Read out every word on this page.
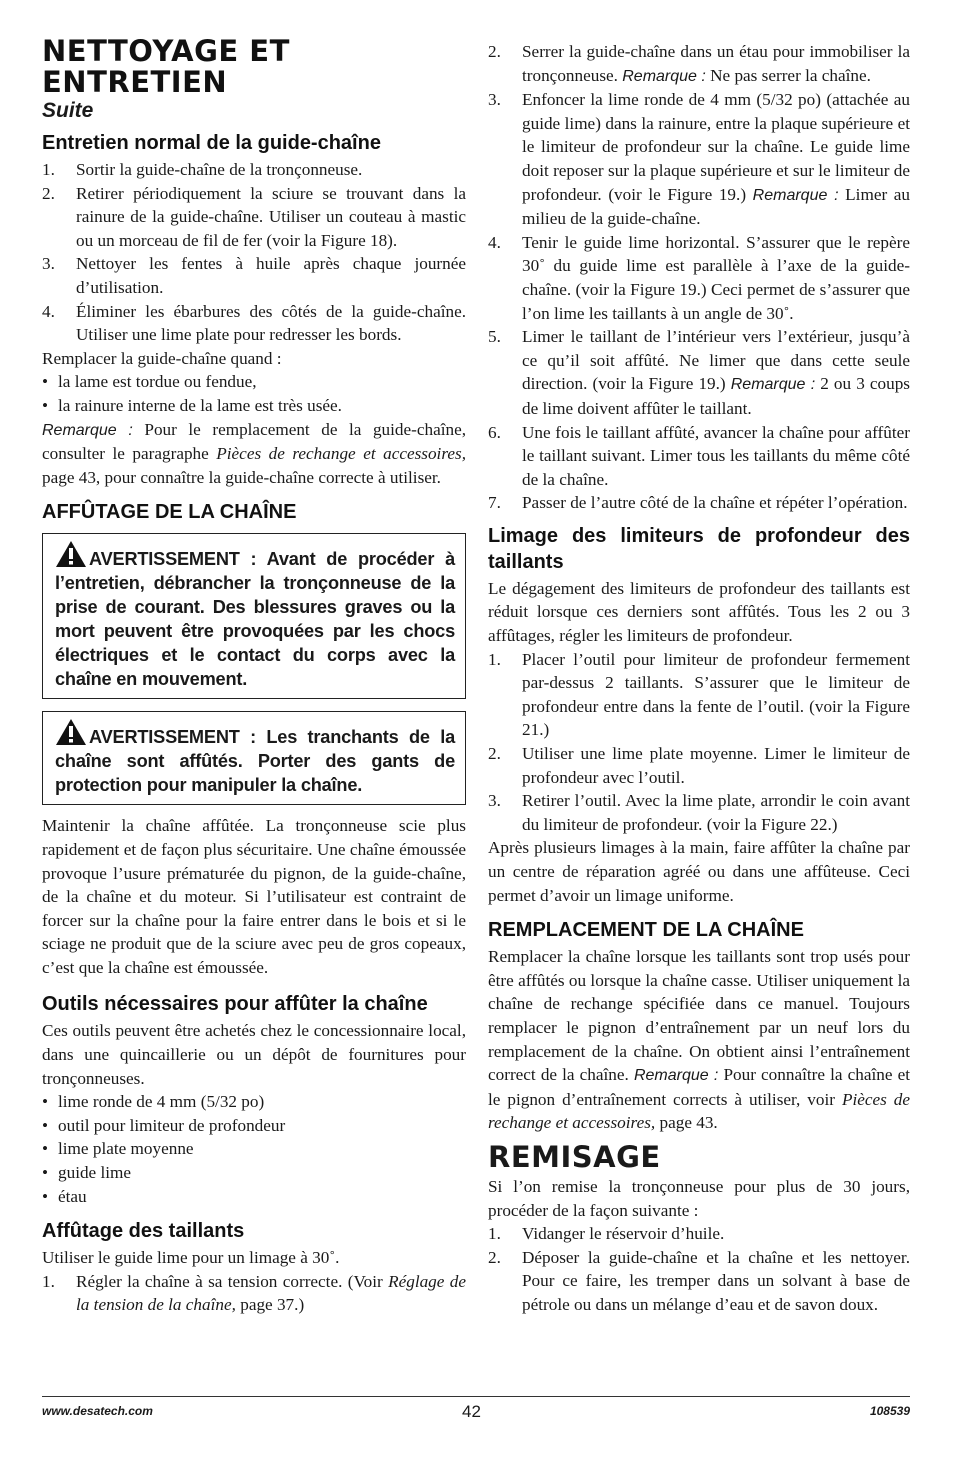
NETTOYAGE ET ENTRETIEN
Suite
Entretien normal de la guide-chaîne
1. Sortir la guide-chaîne de la tronçonneuse.
2. Retirer périodiquement la sciure se trouvant dans la rainure de la guide-chaîne. Utiliser un couteau à mastic ou un morceau de fil de fer (voir la Figure 18).
3. Nettoyer les fentes à huile après chaque journée d’utilisation.
4. Éliminer les ébarbures des côtés de la guide-chaîne. Utiliser une lime plate pour redresser les bords.

Remplacer la guide-chaîne quand :

• la lame est tordue ou fendue,
• la rainure interne de la lame est très usée.

Remarque : Pour le remplacement de la guide-chaîne, consulter le paragraphe Pièces de rechange et accessoires, page 43, pour connaître la guide-chaîne correcte à utiliser.

AFFÛTAGE DE LA CHAÎNE
AVERTISSEMENT : Avant de procéder à l’entretien, débrancher la tronçonneuse de la prise de courant. Des blessures graves ou la mort peuvent être provoquées par les chocs électriques et le contact du corps avec la chaîne en mouvement.
AVERTISSEMENT : Les tranchants de la chaîne sont affûtés. Porter des gants de protection pour manipuler la chaîne.

Maintenir la chaîne affûtée. La tronçonneuse scie plus rapidement et de façon plus sécuritaire. Une chaîne émoussée provoque l’usure prématurée du pignon, de la guide-chaîne, de la chaîne et du moteur. Si l’utilisateur est contraint de forcer sur la chaîne pour la faire entrer dans le bois et si le sciage ne produit que de la sciure avec peu de gros copeaux, c’est que la chaîne est émoussée.

Outils nécessaires pour affûter la chaîne

Ces outils peuvent être achetés chez le concessionnaire local, dans une quincaillerie ou un dépôt de fournitures pour tronçonneuses.

• lime ronde de 4 mm (5/32 po)
• outil pour limiteur de profondeur
• lime plate moyenne
• guide lime
• étau
Affûtage des taillants

Utiliser le guide lime pour un limage à 30˚.

1. Régler la chaîne à sa tension correcte. (Voir Réglage de la tension de la chaîne, page 37.)
2. Serrer la guide-chaîne dans un étau pour immobiliser la tronçonneuse. Remarque : Ne pas serrer la chaîne.
3. Enfoncer la lime ronde de 4 mm (5/32 po) (attachée au guide lime) dans la rainure, entre la plaque supérieure et le limiteur de profondeur sur la chaîne. Le guide lime doit reposer sur la plaque supérieure et sur le limiteur de profondeur. (voir le Figure 19.) Remarque : Limer au milieu de la guide-chaîne.
4. Tenir le guide lime horizontal. S’assurer que le repère 30˚ du guide lime est parallèle à l’axe de la guide-chaîne. (voir la Figure 19.) Ceci permet de s’assurer que l’on lime les taillants à un angle de 30˚.
5. Limer le taillant de l’intérieur vers l’extérieur, jusqu’à ce qu’il soit affûté. Ne limer que dans cette seule direction. (voir la Figure 19.) Remarque : 2 ou 3 coups de lime doivent affûter le taillant.
6. Une fois le taillant affûté, avancer la chaîne pour affûter le taillant suivant. Limer tous les taillants du même côté de la chaîne.
7. Passer de l’autre côté de la chaîne et répéter l’opération.
Limage des limiteurs de profondeur des taillants

Le dégagement des limiteurs de profondeur des taillants est réduit lorsque ces derniers sont affûtés. Tous les 2 ou 3 affûtages, régler les limiteurs de profondeur.

1. Placer l’outil pour limiteur de profondeur fermement par-dessus 2 taillants. S’assurer que le limiteur de profondeur entre dans la fente de l’outil. (voir la Figure 21.)
2. Utiliser une lime plate moyenne. Limer le limiteur de profondeur avec l’outil.
3. Retirer l’outil. Avec la lime plate, arrondir le coin avant du limiteur de profondeur. (voir la Figure 22.)

Après plusieurs limages à la main, faire affûter la chaîne par un centre de réparation agréé ou dans une affûteuse. Ceci permet d’avoir un limage uniforme.

REMPLACEMENT DE LA CHAÎNE

Remplacer la chaîne lorsque les taillants sont trop usés pour être affûtés ou lorsque la chaîne casse. Utiliser uniquement la chaîne de rechange spécifiée dans ce manuel. Toujours remplacer le pignon d’entraînement par un neuf lors du remplacement de la chaîne. On obtient ainsi l’entraînement correct de la chaîne. Remarque : Pour connaître la chaîne et le pignon d’entraînement corrects à utiliser, voir Pièces de rechange et accessoires, page 43.

REMISAGE

Si l’on remise la tronçonneuse pour plus de 30 jours, procéder de la façon suivante :

1. Vidanger le réservoir d’huile.
2. Déposer la guide-chaîne et la chaîne et les nettoyer. Pour ce faire, les tremper dans un solvant à base de pétrole ou dans un mélange d’eau et de savon doux.
www.desatech.com	42	108539
